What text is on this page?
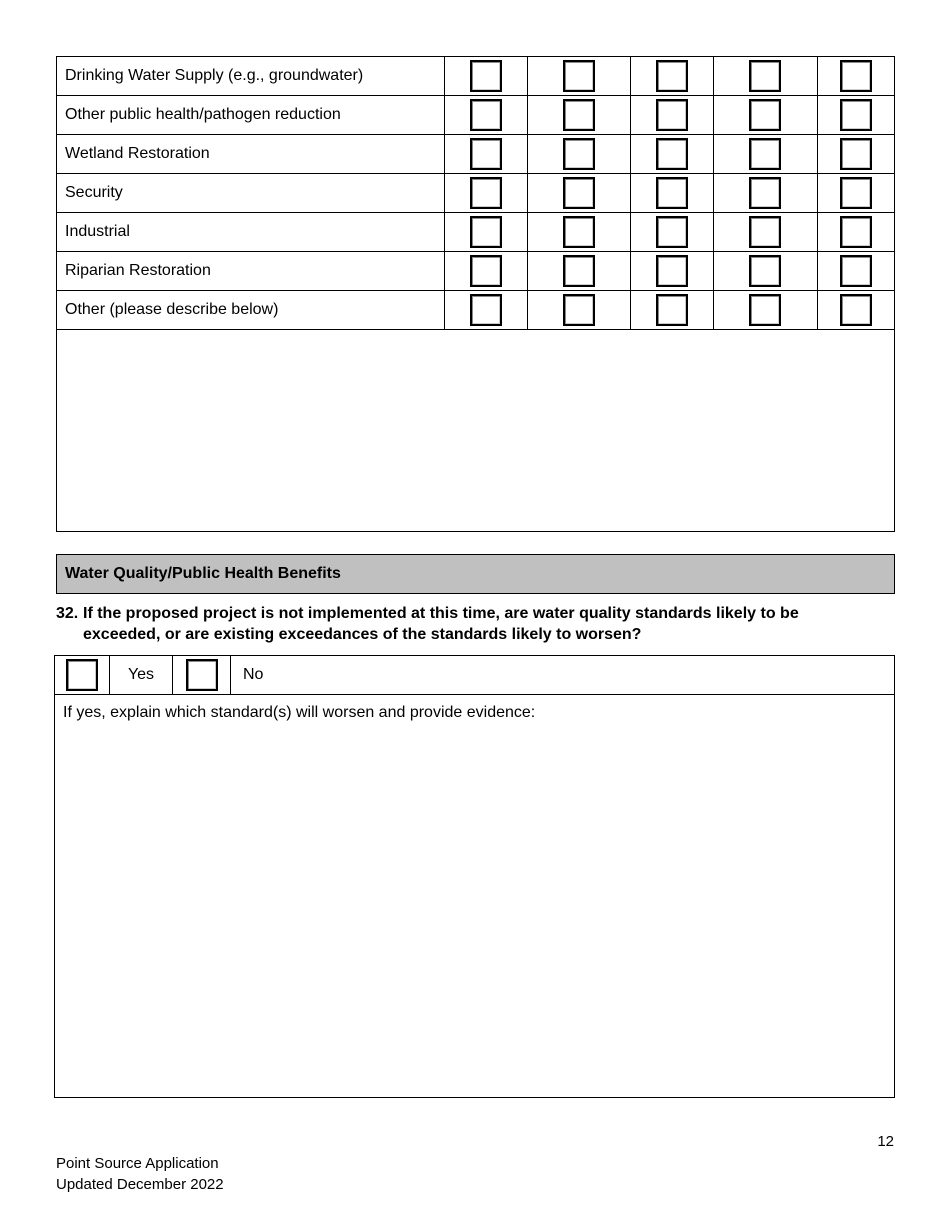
Drinking Water Supply (e.g., groundwater)					
Other public health/pathogen reduction					
Wetland Restoration					
Security					
Industrial					
Riparian Restoration					
Other (please describe below)					

Water Quality/Public Health Benefits
32. If the proposed project is not implemented at this time, are water quality standards likely to be exceeded, or are existing exceedances of the standards likely to worsen?
	Yes		No
If yes, explain which standard(s) will worsen and provide evidence:
12
Point Source Application
Updated December 2022
